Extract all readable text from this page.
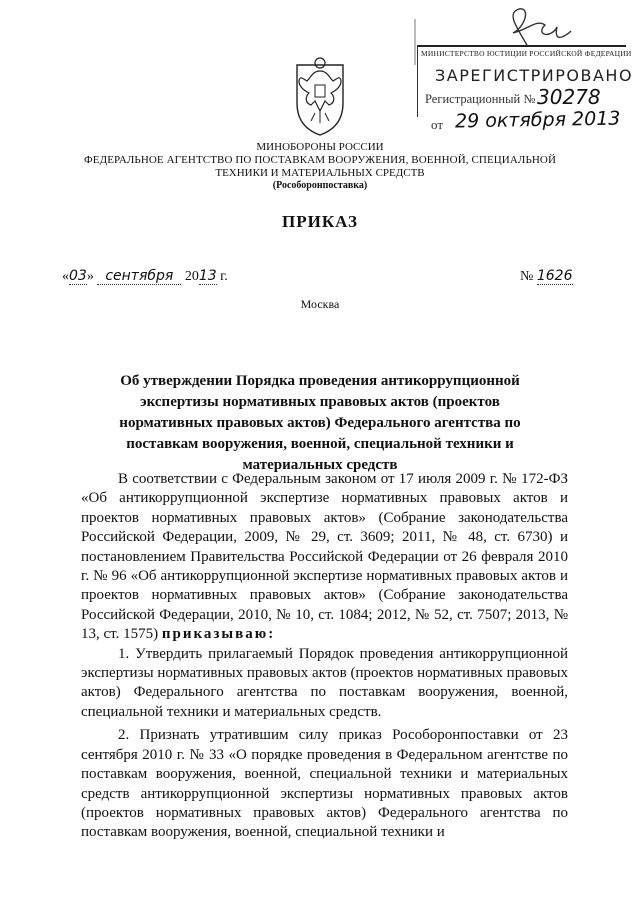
МИНИСТЕРСТВО ЮСТИЦИИ РОССИЙСКОЙ ФЕДЕРАЦИИ
ЗАРЕГИСТРИРОВАНО
Регистрационный № 30278
от 29 октября 2013
МИНОБОРОНЫ РОССИИ
ФЕДЕРАЛЬНОЕ АГЕНТСТВО ПО ПОСТАВКАМ ВООРУЖЕНИЯ, ВОЕННОЙ, СПЕЦИАЛЬНОЙ
ТЕХНИКИ И МАТЕРИАЛЬНЫХ СРЕДСТВ
(Рособоронпоставка)
ПРИКАЗ
«03» сентября 2013 г.	№ 1626
Москва
Об утверждении Порядка проведения антикоррупционной экспертизы нормативных правовых актов (проектов нормативных правовых актов) Федерального агентства по поставкам вооружения, военной, специальной техники и материальных средств

В соответствии с Федеральным законом от 17 июля 2009 г. № 172-ФЗ «Об антикоррупционной экспертизе нормативных правовых актов и проектов нормативных правовых актов» (Собрание законодательства Российской Федерации, 2009, № 29, ст. 3609; 2011, № 48, ст. 6730) и постановлением Правительства Российской Федерации от 26 февраля 2010 г. № 96 «Об антикоррупционной экспертизе нормативных правовых актов и проектов нормативных правовых актов» (Собрание законодательства Российской Федерации, 2010, № 10, ст. 1084; 2012, № 52, ст. 7507; 2013, № 13, ст. 1575) приказываю:

1. Утвердить прилагаемый Порядок проведения антикоррупционной экспертизы нормативных правовых актов (проектов нормативных правовых актов) Федерального агентства по поставкам вооружения, военной, специальной техники и материальных средств.

2. Признать утратившим силу приказ Рособоронпоставки от 23 сентября 2010 г. № 33 «О порядке проведения в Федеральном агентстве по поставкам вооружения, военной, специальной техники и материальных средств антикоррупционной экспертизы нормативных правовых актов (проектов нормативных правовых актов) Федерального агентства по поставкам вооружения, военной, специальной техники и
